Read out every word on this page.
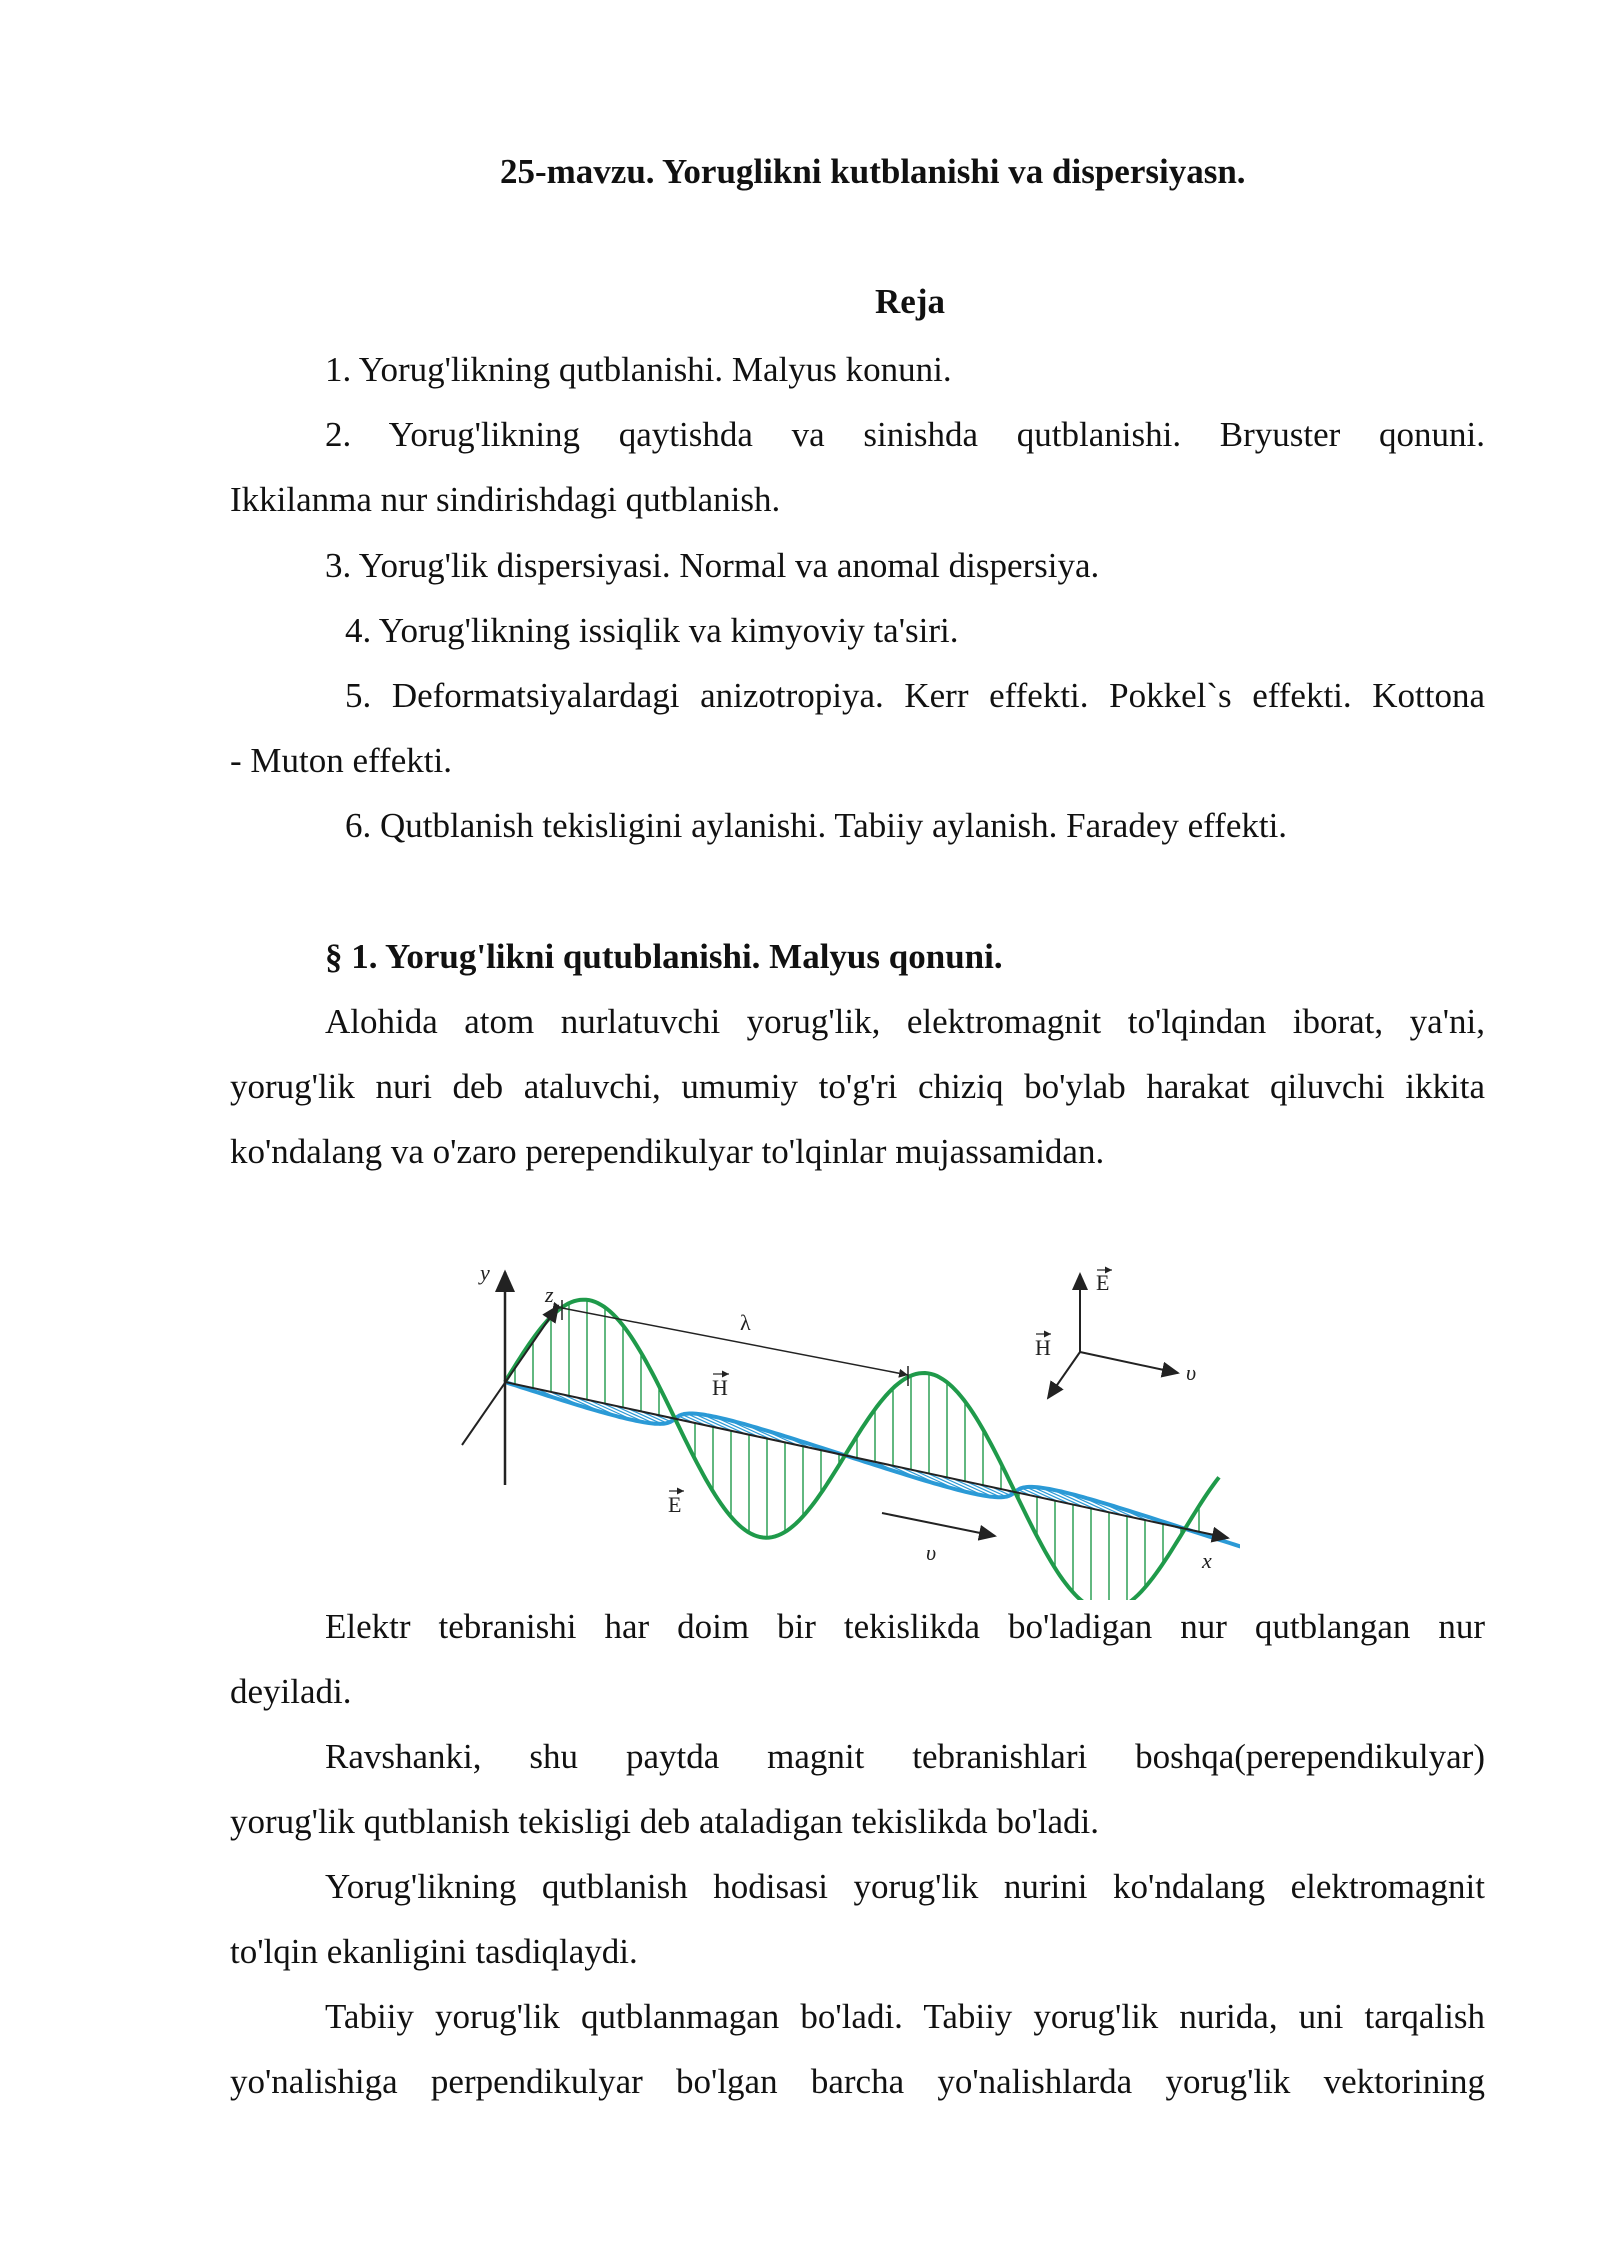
25-mavzu. Yoruglikni kutblanishi va dispersiyasn.
Reja
1. Yorug'likning qutblanishi. Malyus konuni.
2. Yorug'likning qaytishda va sinishda qutblanishi. Bryuster qonuni.
Ikkilanma nur sindirishdagi qutblanish.
3. Yorug'lik dispersiyasi. Normal va anomal dispersiya.
4. Yorug'likning issiqlik va kimyoviy ta'siri.
5. Deformatsiyalardagi anizotropiya. Kerr effekti. Pokkel`s effekti. Kottona
- Muton effekti.
6. Qutblanish tekisligini aylanishi. Tabiiy aylanish. Faradey effekti.
§ 1. Yorug'likni qutublanishi. Malyus qonuni.
Alohida atom nurlatuvchi yorug'lik, elektromagnit to'lqindan iborat, ya'ni,
yorug'lik nuri deb ataluvchi, umumiy to'g'ri chiziq bo'ylab harakat qiluvchi ikkita
ko'ndalang va o'zaro perependikulyar to'lqinlar mujassamidan.
y
z
x
λ
H
E
υ
E
H
υ
Elektr tebranishi har doim bir tekislikda bo'ladigan nur qutblangan nur
deyiladi.
Ravshanki, shu paytda magnit tebranishlari boshqa(perependikulyar)
yorug'lik qutblanish tekisligi deb ataladigan tekislikda bo'ladi.
Yorug'likning qutblanish hodisasi yorug'lik nurini ko'ndalang elektromagnit
to'lqin ekanligini tasdiqlaydi.
Tabiiy yorug'lik qutblanmagan bo'ladi. Tabiiy yorug'lik nurida, uni tarqalish
yo'nalishiga perpendikulyar bo'lgan barcha yo'nalishlarda yorug'lik vektorining
